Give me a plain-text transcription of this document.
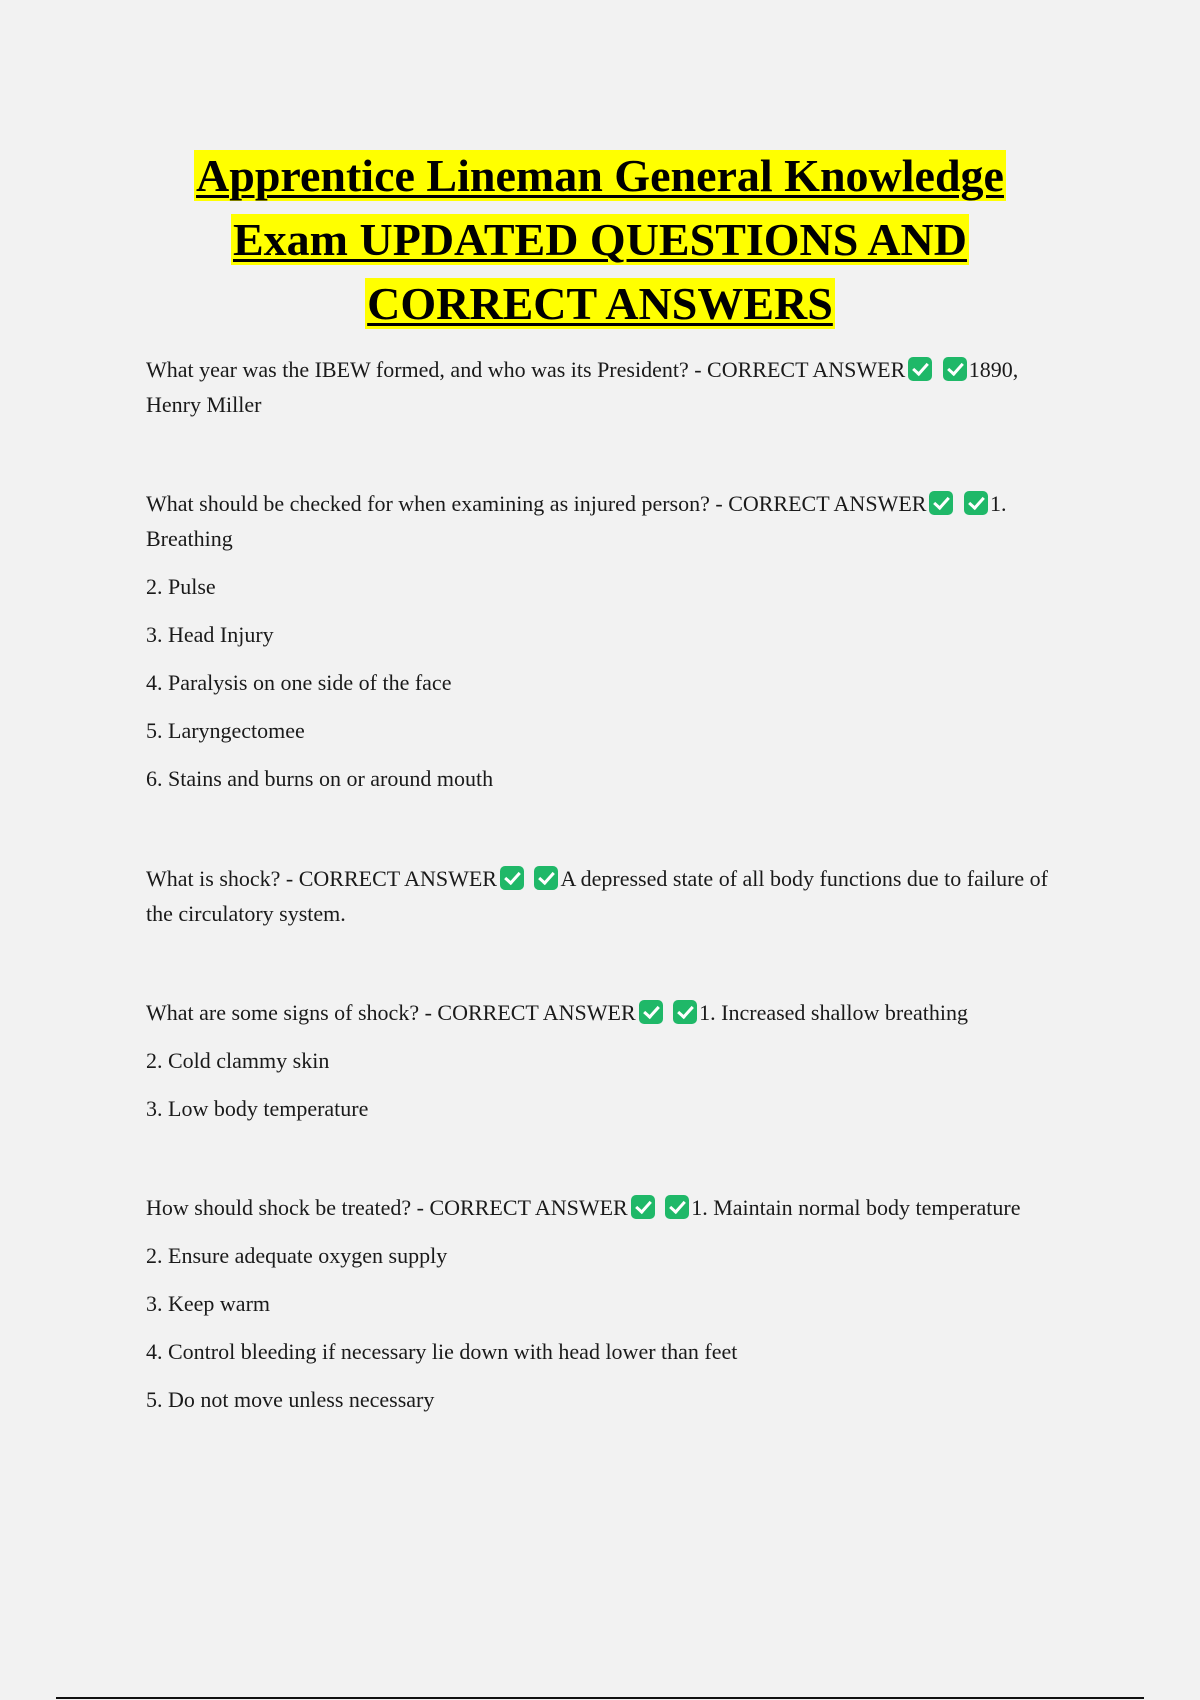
Apprentice Lineman General Knowledge
Exam UPDATED QUESTIONS AND
CORRECT ANSWERS

What year was the IBEW formed, and who was its President? - CORRECT ANSWER	1890, Henry Miller

What should be checked for when examining as injured person? - CORRECT ANSWER	1. Breathing

2. Pulse

3. Head Injury

4. Paralysis on one side of the face

5. Laryngectomee

6. Stains and burns on or around mouth

What is shock? - CORRECT ANSWER	A depressed state of all body functions due to failure of the circulatory system.

What are some signs of shock? - CORRECT ANSWER	1. Increased shallow breathing

2. Cold clammy skin

3. Low body temperature

How should shock be treated? - CORRECT ANSWER	1. Maintain normal body temperature

2. Ensure adequate oxygen supply

3. Keep warm

4. Control bleeding if necessary lie down with head lower than feet

5. Do not move unless necessary
